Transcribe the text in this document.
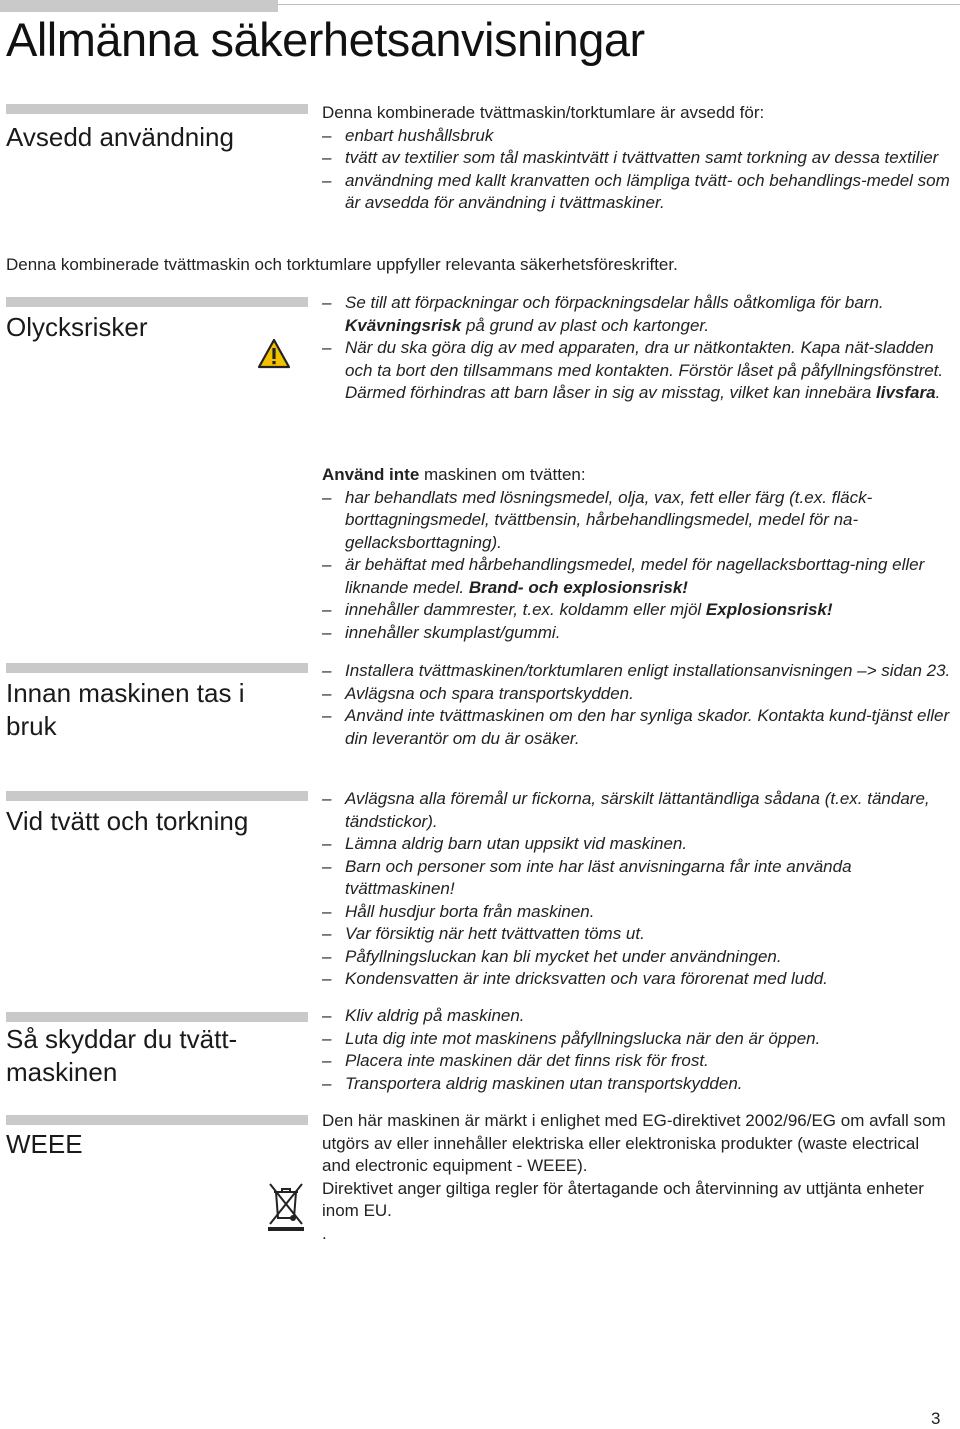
Allmänna säkerhetsanvisningar
Avsedd användning
Denna kombinerade tvättmaskin/torktumlare är avsedd för:
– enbart hushållsbruk
– tvätt av textilier som tål maskintvätt i tvättvatten samt torkning av dessa textilier
– användning med kallt kranvatten och lämpliga tvätt- och behandlings-medel som är avsedda för användning i tvättmaskiner.
Denna kombinerade tvättmaskin och torktumlare uppfyller relevanta säkerhetsföreskrifter.
Olycksrisker
– Se till att förpackningar och förpackningsdelar hålls oåtkomliga för barn.
Kvävningsrisk på grund av plast och kartonger.
– När du ska göra dig av med apparaten, dra ur nätkontakten. Kapa nät-sladden och ta bort den tillsammans med kontakten. Förstör låset på påfyllningsfönstret. Därmed förhindras att barn låser in sig av misstag, vilket kan innebära livsfara.
Använd inte maskinen om tvätten:
– har behandlats med lösningsmedel, olja, vax, fett eller färg (t.ex. fläck-borttagningsmedel, tvättbensin, hårbehandlingsmedel, medel för na-gellacksborttagning).
– är behäftat med hårbehandlingsmedel, medel för nagellacksborttag-ning eller liknande medel. Brand- och explosionsrisk!
– innehåller dammrester, t.ex. koldamm eller mjöl Explosionsrisk!
– innehåller skumplast/gummi.
Innan maskinen tas i bruk
– Installera tvättmaskinen/torktumlaren enligt installationsanvisningen –> sidan 23.
– Avlägsna och spara transportskydden.
– Använd inte tvättmaskinen om den har synliga skador. Kontakta kund-tjänst eller din leverantör om du är osäker.
Vid tvätt och torkning
– Avlägsna alla föremål ur fickorna, särskilt lättantändliga sådana (t.ex. tändare, tändstickor).
– Lämna aldrig barn utan uppsikt vid maskinen.
– Barn och personer som inte har läst anvisningarna får inte använda tvättmaskinen!
– Håll husdjur borta från maskinen.
– Var försiktig när hett tvättvatten töms ut.
– Påfyllningsluckan kan bli mycket het under användningen.
– Kondensvatten är inte dricksvatten och vara förorenat med ludd.
Så skyddar du tvätt-maskinen
– Kliv aldrig på maskinen.
– Luta dig inte mot maskinens påfyllningslucka när den är öppen.
– Placera inte maskinen där det finns risk för frost.
– Transportera aldrig maskinen utan transportskydden.
WEEE
Den här maskinen är märkt i enlighet med EG-direktivet 2002/96/EG om avfall som utgörs av eller innehåller elektriska eller elektroniska produkter (waste electrical and electronic equipment - WEEE).
Direktivet anger giltiga regler för återtagande och återvinning av uttjänta enheter inom EU.
.
3
